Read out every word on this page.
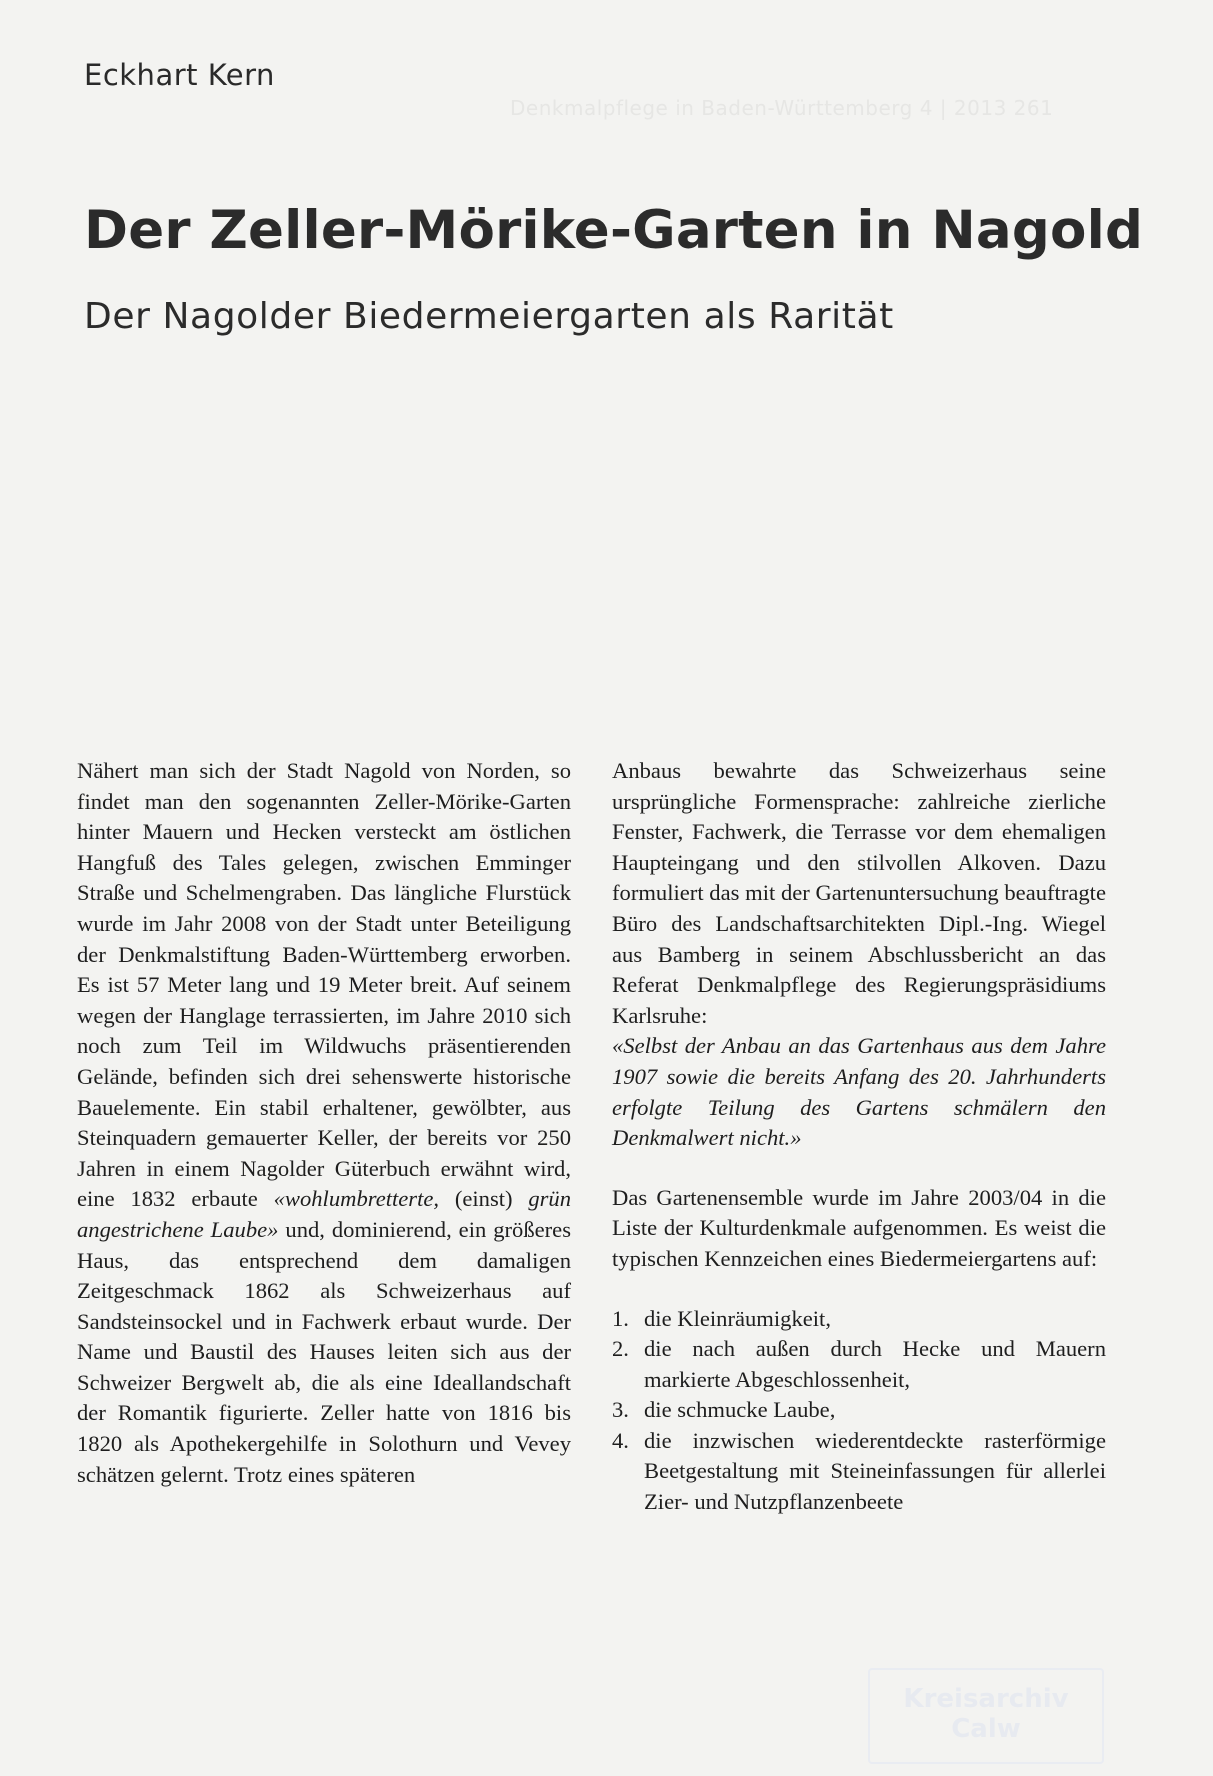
Denkmalpflege in Baden-Württemberg 4 | 2013 261
Eckhart Kern
Der Zeller-Mörike-Garten in Nagold
Der Nagolder Biedermeiergarten als Rarität

Nähert man sich der Stadt Nagold von Norden, so findet man den sogenannten Zeller-Mörike-Garten hinter Mauern und Hecken versteckt am östlichen Hangfuß des Tales gelegen, zwischen Emminger Straße und Schelmengraben. Das längliche Flurstück wurde im Jahr 2008 von der Stadt unter Beteiligung der Denkmalstiftung Baden-Württemberg erworben. Es ist 57 Meter lang und 19 Meter breit. Auf seinem wegen der Hanglage terrassierten, im Jahre 2010 sich noch zum Teil im Wildwuchs präsentierenden Gelände, befinden sich drei sehenswerte historische Bauelemente. Ein stabil erhaltener, gewölbter, aus Steinquadern gemauerter Keller, der bereits vor 250 Jahren in einem Nagolder Güterbuch erwähnt wird, eine 1832 erbaute «wohlumbretterte, (einst) grün angestrichene Laube» und, dominierend, ein größeres Haus, das entsprechend dem damaligen Zeitgeschmack 1862 als Schweizerhaus auf Sandsteinsockel und in Fachwerk erbaut wurde. Der Name und Baustil des Hauses leiten sich aus der Schweizer Bergwelt ab, die als eine Ideallandschaft der Romantik figurierte. Zeller hatte von 1816 bis 1820 als Apothekergehilfe in Solothurn und Vevey schätzen gelernt. Trotz eines späteren

Anbaus bewahrte das Schweizerhaus seine ursprüngliche Formensprache: zahlreiche zierliche Fenster, Fachwerk, die Terrasse vor dem ehemaligen Haupteingang und den stilvollen Alkoven. Dazu formuliert das mit der Gartenuntersuchung beauftragte Büro des Landschaftsarchitekten Dipl.-Ing. Wiegel aus Bamberg in seinem Abschlussbericht an das Referat Denkmalpflege des Regierungspräsidiums Karlsruhe:

«Selbst der Anbau an das Gartenhaus aus dem Jahre 1907 sowie die bereits Anfang des 20. Jahrhunderts erfolgte Teilung des Gartens schmälern den Denkmalwert nicht.»

Das Gartenensemble wurde im Jahre 2003/04 in die Liste der Kulturdenkmale aufgenommen. Es weist die typischen Kennzeichen eines Biedermeiergartens auf:

1. die Kleinräumigkeit,
2. die nach außen durch Hecke und Mauern markierte Abgeschlossenheit,
3. die schmucke Laube,
4. die inzwischen wiederentdeckte rasterförmige Beetgestaltung mit Steineinfassungen für allerlei Zier- und Nutzpflanzenbeete
Kreisarchiv
Calw
